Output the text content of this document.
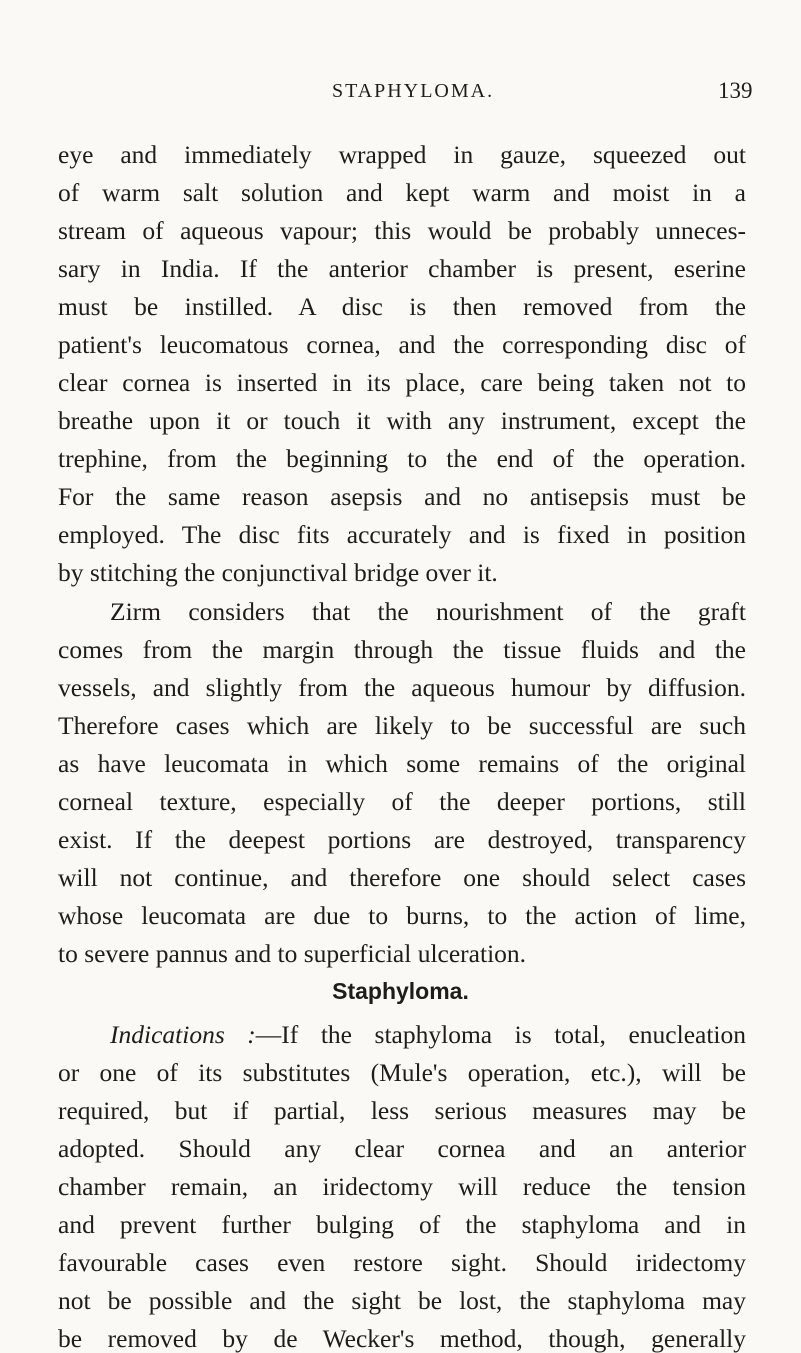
STAPHYLOMA.	139
eye and immediately wrapped in gauze, squeezed out
of warm salt solution and kept warm and moist in a
stream of aqueous vapour; this would be probably unneces-
sary in India. If the anterior chamber is present, eserine
must be instilled. A disc is then removed from the
patient's leucomatous cornea, and the corresponding disc of
clear cornea is inserted in its place, care being taken not to
breathe upon it or touch it with any instrument, except the
trephine, from the beginning to the end of the operation.
For the same reason asepsis and no antisepsis must be
employed. The disc fits accurately and is fixed in position
by stitching the conjunctival bridge over it.
Zirm considers that the nourishment of the graft
comes from the margin through the tissue fluids and the
vessels, and slightly from the aqueous humour by diffusion.
Therefore cases which are likely to be successful are such
as have leucomata in which some remains of the original
corneal texture, especially of the deeper portions, still
exist. If the deepest portions are destroyed, transparency
will not continue, and therefore one should select cases
whose leucomata are due to burns, to the action of lime,
to severe pannus and to superficial ulceration.
Staphyloma.
Indications :—If the staphyloma is total, enucleation
or one of its substitutes (Mule's operation, etc.), will be
required, but if partial, less serious measures may be
adopted. Should any clear cornea and an anterior
chamber remain, an iridectomy will reduce the tension
and prevent further bulging of the staphyloma and in
favourable cases even restore sight. Should iridectomy
not be possible and the sight be lost, the staphyloma may
be removed by de Wecker's method, though, generally
